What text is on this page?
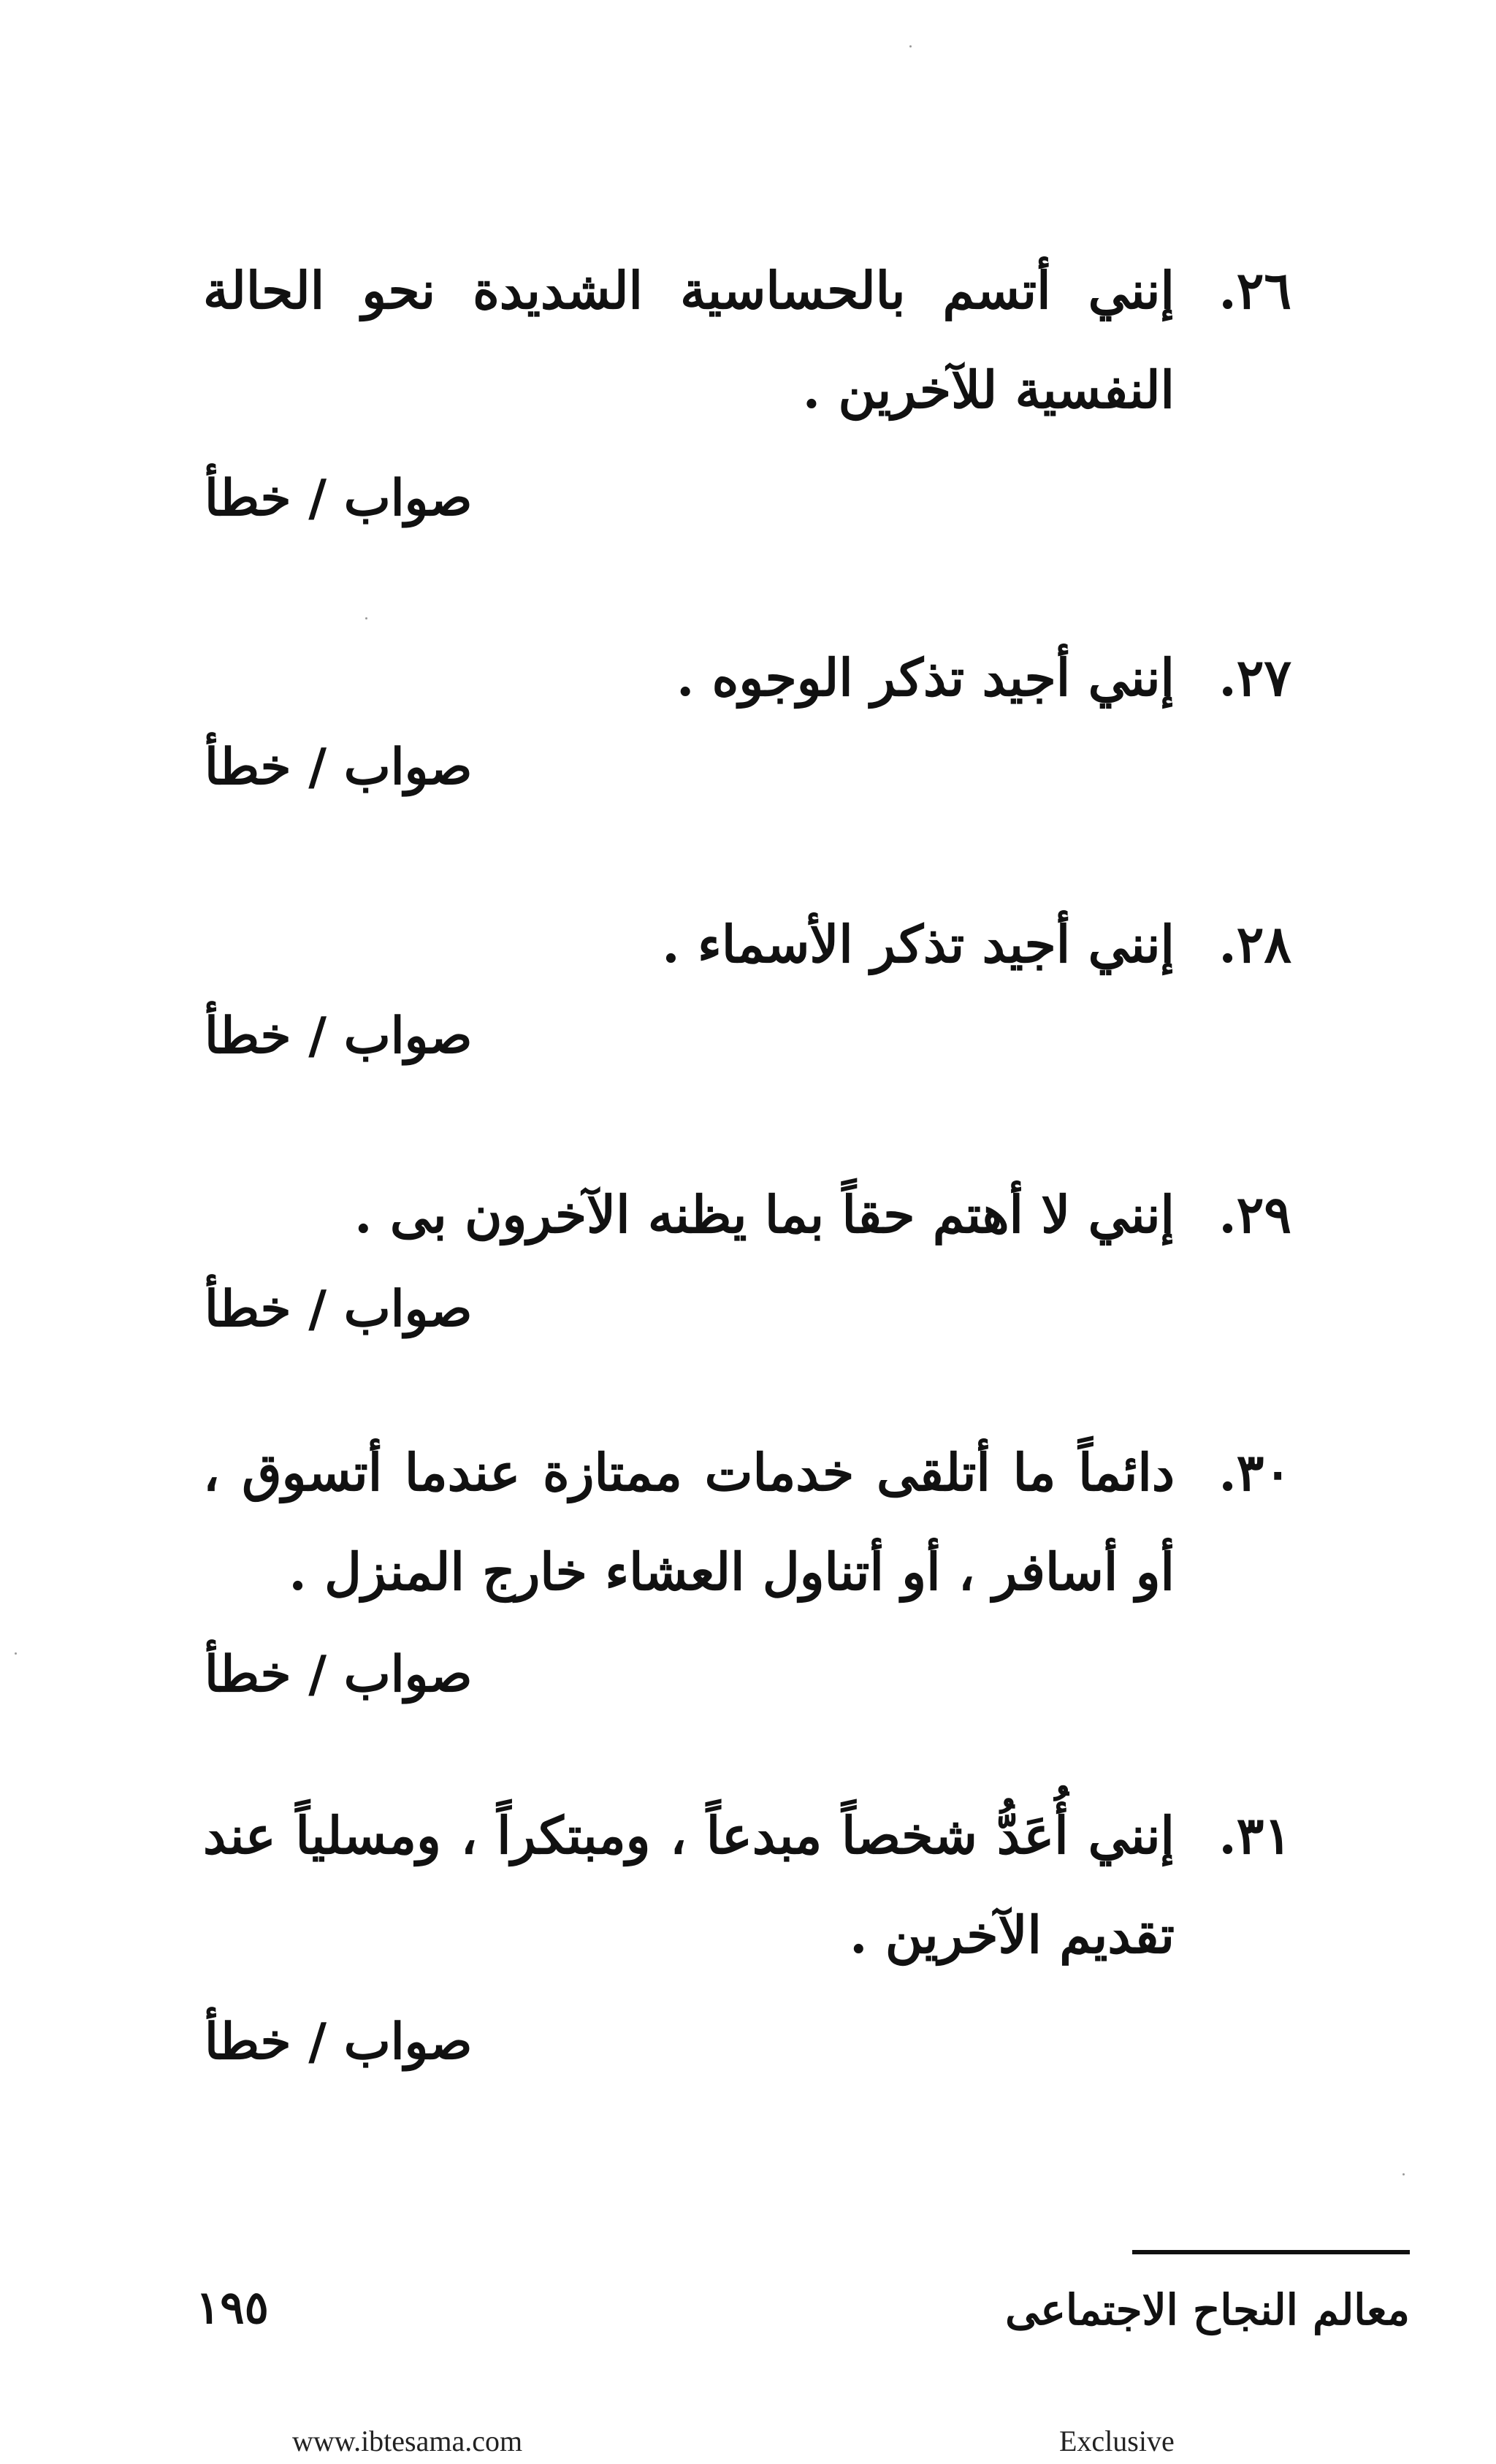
٢٦.
إنني أتسم بالحساسية الشديدة نحو الحالة النفسية للآخرين .
صواب / خطأ
٢٧.
إنني أجيد تذكر الوجوه .
صواب / خطأ
٢٨.
إنني أجيد تذكر الأسماء .
صواب / خطأ
٢٩.
إنني لا أهتم حقاً بما يظنه الآخرون بى .
صواب / خطأ
٣٠.
دائماً ما أتلقى خدمات ممتازة عندما أتسوق ، أو أسافر ، أو أتناول العشاء خارج المنزل .
صواب / خطأ
٣١.
إنني أُعَدُّ شخصاً مبدعاً ، ومبتكراً ، ومسلياً عند تقديم الآخرين .
صواب / خطأ
معالم النجاح الاجتماعى
١٩٥
www.ibtesama.com	Exclusive
